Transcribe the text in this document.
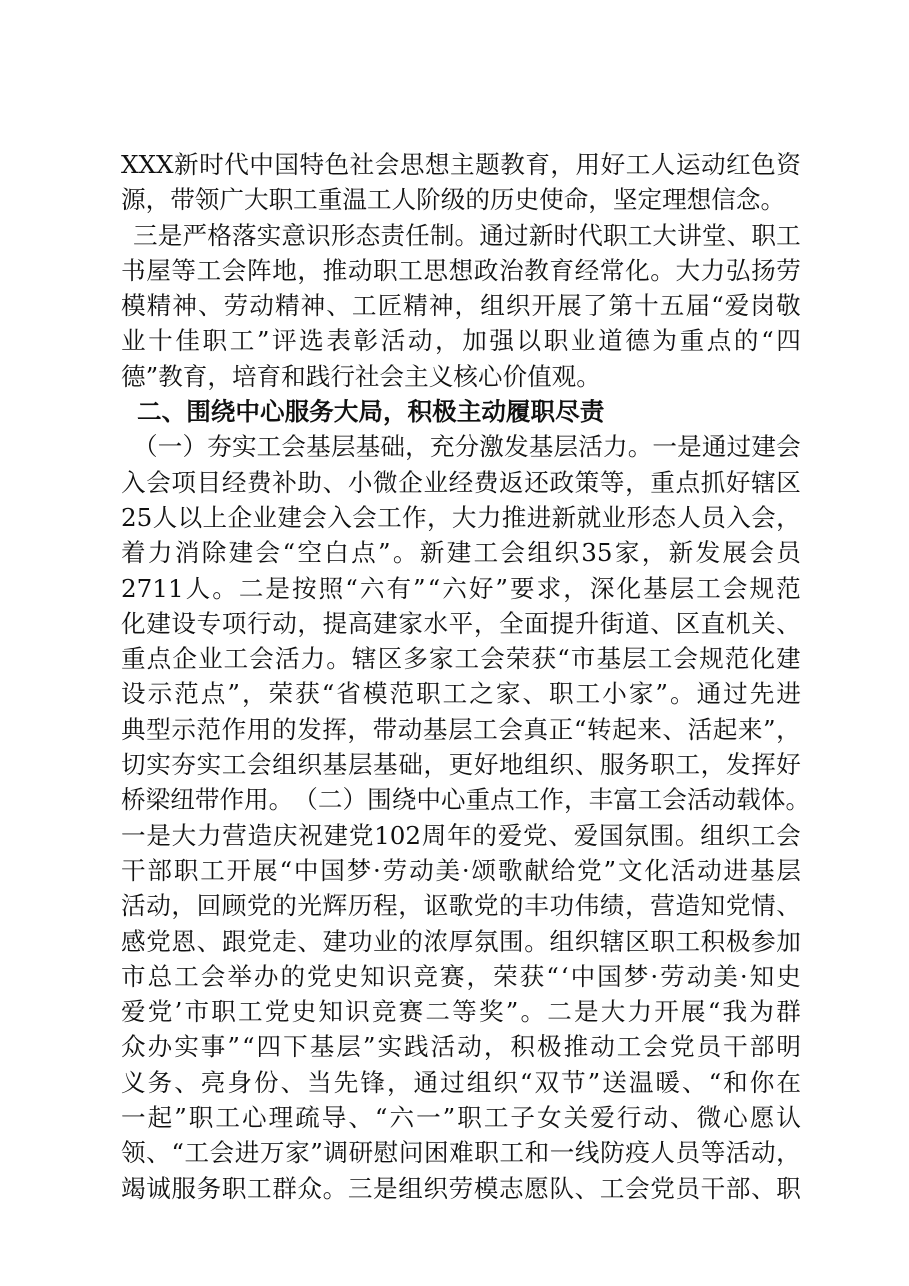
XXX 新 时 代 中 国 特 色 社 会 思 想 主 题 教 育 ， 用 好 工 人 运 动 红 色 资
源，带领广大职工重温工人阶级的历史使命，坚定理想信念。
三 是 严 格 落 实 意 识 形 态 责 任 制 。 通 过 新 时 代 职 工 大 讲 堂 、 职 工
书 屋 等 工 会 阵 地 ， 推 动 职 工 思 想 政 治 教 育 经 常 化 。 大 力 弘 扬 劳
模 精 神 、 劳 动 精 神 、 工 匠 精 神 ， 组 织 开 展 了 第 十 五 届 “ 爱 岗 敬
业 十 佳 职 工 ” 评 选 表 彰 活 动 ， 加 强 以 职 业 道 德 为 重 点 的 “ 四
德”教育，培育和践行社会主义核心价值观。
二、围绕中心服务大局，积极主动履职尽责
（ 一 ） 夯 实 工 会 基 层 基 础 ， 充 分 激 发 基 层 活 力 。 一 是 通 过 建 会
入 会 项 目 经 费 补 助 、 小 微 企 业 经 费 返 还 政 策 等 ， 重 点 抓 好 辖 区
25 人 以 上 企 业 建 会 入 会 工 作 ， 大 力 推 进 新 就 业 形 态 人 员 入 会 ，
着 力 消 除 建 会 “ 空 白 点 ” 。 新 建 工 会 组 织 35 家 ， 新 发 展 会 员
2711 人 。 二 是 按 照 “ 六 有 ” “ 六 好 ” 要 求 ， 深 化 基 层 工 会 规 范
化 建 设 专 项 行 动 ， 提 高 建 家 水 平 ， 全 面 提 升 街 道 、 区 直 机 关 、
重 点 企 业 工 会 活 力 。 辖 区 多 家 工 会 荣 获 “ 市 基 层 工 会 规 范 化 建
设 示 范 点 ” ， 荣 获 “ 省 模 范 职 工 之 家 、 职 工 小 家 ” 。 通 过 先 进
典 型 示 范 作 用 的 发 挥 ， 带 动 基 层 工 会 真 正 “ 转 起 来 、 活 起 来 ” ，
切 实 夯 实 工 会 组 织 基 层 基 础 ， 更 好 地 组 织 、 服 务 职 工 ， 发 挥 好
桥 梁 纽 带 作 用 。 （ 二 ） 围 绕 中 心 重 点 工 作 ， 丰 富 工 会 活 动 载 体 。
一 是 大 力 营 造 庆 祝 建 党 102 周 年 的 爱 党 、 爱 国 氛 围 。 组 织 工 会
干 部 职 工 开 展 “ 中 国 梦 · 劳 动 美 · 颂 歌 献 给 党 ” 文 化 活 动 进 基 层
活 动 ， 回 顾 党 的 光 辉 历 程 ， 讴 歌 党 的 丰 功 伟 绩 ， 营 造 知 党 情 、
感 党 恩 、 跟 党 走 、 建 功 业 的 浓 厚 氛 围 。 组 织 辖 区 职 工 积 极 参 加
市 总 工 会 举 办 的 党 史 知 识 竞 赛 ， 荣 获 “ ‘ 中 国 梦 · 劳 动 美 · 知 史
爱 党 ’ 市 职 工 党 史 知 识 竞 赛 二 等 奖 ” 。 二 是 大 力 开 展 “ 我 为 群
众 办 实 事 ” “ 四 下 基 层 ” 实 践 活 动 ， 积 极 推 动 工 会 党 员 干 部 明
义 务 、 亮 身 份 、 当 先 锋 ， 通 过 组 织 “ 双 节 ” 送 温 暖 、 “ 和 你 在
一 起 ” 职 工 心 理 疏 导 、 “ 六 一 ” 职 工 子 女 关 爱 行 动 、 微 心 愿 认
领 、 “ 工 会 进 万 家 ” 调 研 慰 问 困 难 职 工 和 一 线 防 疫 人 员 等 活 动 ，
竭 诚 服 务 职 工 群 众 。 三 是 组 织 劳 模 志 愿 队 、 工 会 党 员 干 部 、 职
